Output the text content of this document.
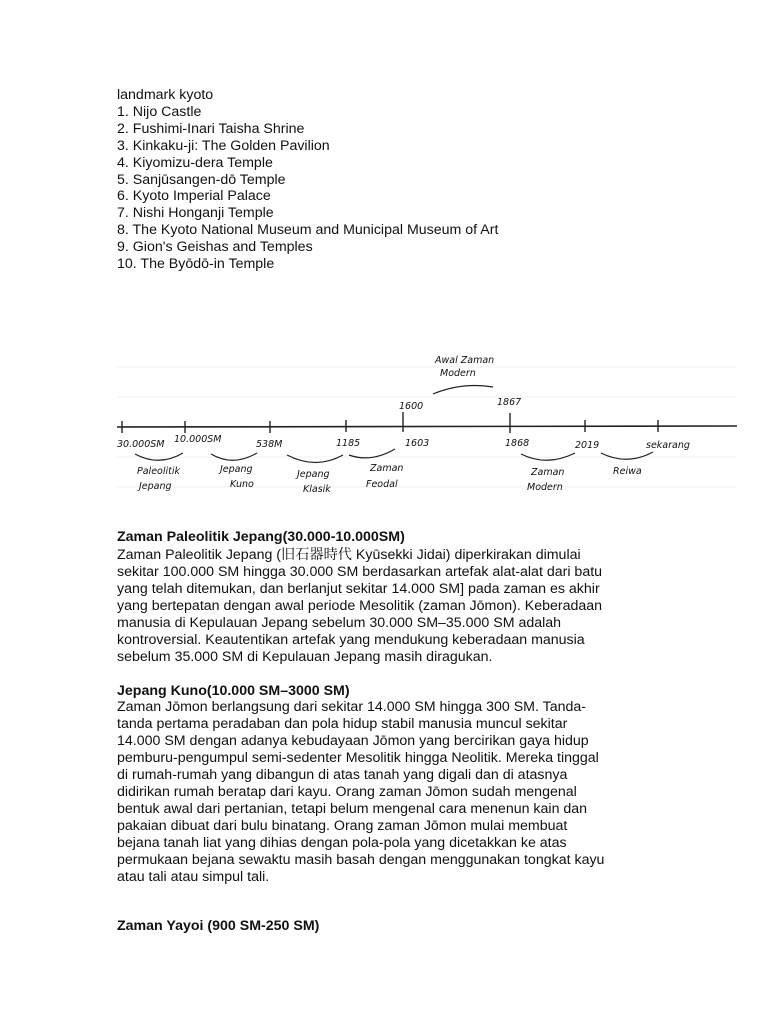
landmark kyoto
1. Nijo Castle
2. Fushimi-Inari Taisha Shrine
3. Kinkaku-ji: The Golden Pavilion
4. Kiyomizu-dera Temple
5. Sanjūsangen-dō Temple
6. Kyoto Imperial Palace
7. Nishi Honganji Temple
8. The Kyoto National Museum and Municipal Museum of Art
9. Gion's Geishas and Temples
10. The Byōdō-in Temple
Awal Zaman
Modern
1600	1867
30.000SM 10.000SM	538M	1185	1603	1868	2019	sekarang
Paleolitik
Jepang
Jepang
Kuno
Jepang
Klasik
Zaman
Feodal
Zaman
Modern
Reiwa
Zaman Paleolitik Jepang(30.000-10.000SM)
Zaman Paleolitik Jepang (旧石器時代 Kyūsekki Jidai) diperkirakan dimulai
sekitar 100.000 SM hingga 30.000 SM berdasarkan artefak alat-alat dari batu
yang telah ditemukan, dan berlanjut sekitar 14.000 SM] pada zaman es akhir
yang bertepatan dengan awal periode Mesolitik (zaman Jōmon). Keberadaan
manusia di Kepulauan Jepang sebelum 30.000 SM–35.000 SM adalah
kontroversial. Keautentikan artefak yang mendukung keberadaan manusia
sebelum 35.000 SM di Kepulauan Jepang masih diragukan.
Jepang Kuno(10.000 SM–3000 SM)
Zaman Jōmon berlangsung dari sekitar 14.000 SM hingga 300 SM. Tanda-
tanda pertama peradaban dan pola hidup stabil manusia muncul sekitar
14.000 SM dengan adanya kebudayaan Jōmon yang bercirikan gaya hidup
pemburu-pengumpul semi-sedenter Mesolitik hingga Neolitik. Mereka tinggal
di rumah-rumah yang dibangun di atas tanah yang digali dan di atasnya
didirikan rumah beratap dari kayu. Orang zaman Jōmon sudah mengenal
bentuk awal dari pertanian, tetapi belum mengenal cara menenun kain dan
pakaian dibuat dari bulu binatang. Orang zaman Jōmon mulai membuat
bejana tanah liat yang dihias dengan pola-pola yang dicetakkan ke atas
permukaan bejana sewaktu masih basah dengan menggunakan tongkat kayu
atau tali atau simpul tali.
Zaman Yayoi (900 SM-250 SM)
